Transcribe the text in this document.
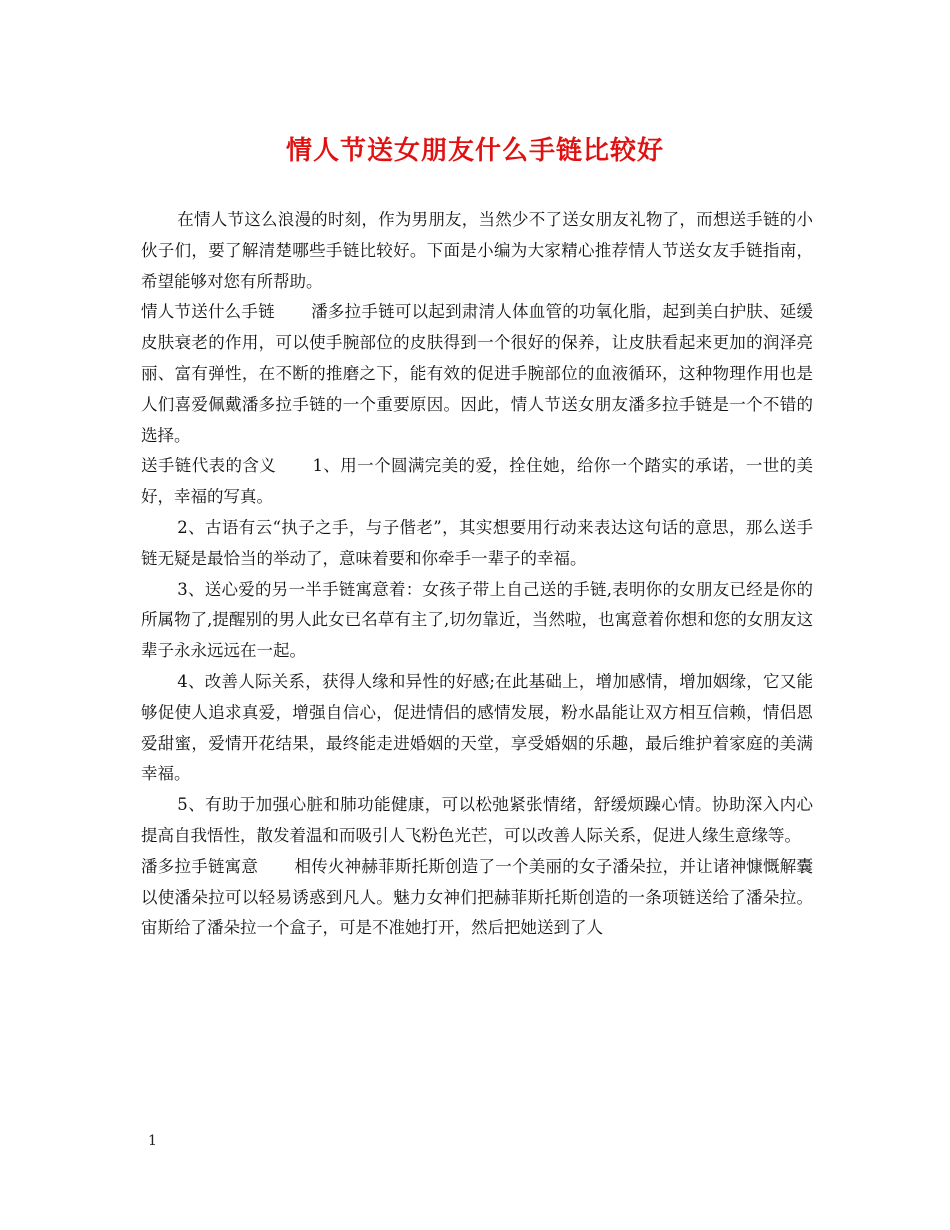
情人节送女朋友什么手链比较好

在情人节这么浪漫的时刻，作为男朋友，当然少不了送女朋友礼物了，而想送手链的小伙子们，要了解清楚哪些手链比较好。下面是小编为大家精心推荐情人节送女友手链指南，希望能够对您有所帮助。

情人节送什么手链 潘多拉手链可以起到肃清人体血管的功氧化脂，起到美白护肤、延缓皮肤衰老的作用，可以使手腕部位的皮肤得到一个很好的保养，让皮肤看起来更加的润泽亮丽、富有弹性，在不断的推磨之下，能有效的促进手腕部位的血液循环，这种物理作用也是人们喜爱佩戴潘多拉手链的一个重要原因。因此，情人节送女朋友潘多拉手链是一个不错的选择。

送手链代表的含义 1、用一个圆满完美的爱，拴住她，给你一个踏实的承诺，一世的美好，幸福的写真。

2、古语有云“执子之手，与子偕老”，其实想要用行动来表达这句话的意思，那么送手链无疑是最恰当的举动了，意味着要和你牵手一辈子的幸福。

3、送心爱的另一半手链寓意着：女孩子带上自己送的手链,表明你的女朋友已经是你的所属物了,提醒别的男人此女已名草有主了,切勿靠近，当然啦，也寓意着你想和您的女朋友这辈子永永远远在一起。

4、改善人际关系，获得人缘和异性的好感;在此基础上，增加感情，增加姻缘，它又能够促使人追求真爱，增强自信心，促进情侣的感情发展，粉水晶能让双方相互信赖，情侣恩爱甜蜜，爱情开花结果，最终能走进婚姻的天堂，享受婚姻的乐趣，最后维护着家庭的美满幸福。

5、有助于加强心脏和肺功能健康，可以松弛紧张情绪，舒缓烦躁心情。协助深入内心提高自我悟性，散发着温和而吸引人飞粉色光芒，可以改善人际关系，促进人缘生意缘等。

潘多拉手链寓意 相传火神赫菲斯托斯创造了一个美丽的女子潘朵拉，并让诸神慷慨解囊以使潘朵拉可以轻易诱惑到凡人。魅力女神们把赫菲斯托斯创造的一条项链送给了潘朵拉。宙斯给了潘朵拉一个盒子，可是不准她打开，然后把她送到了人

1
